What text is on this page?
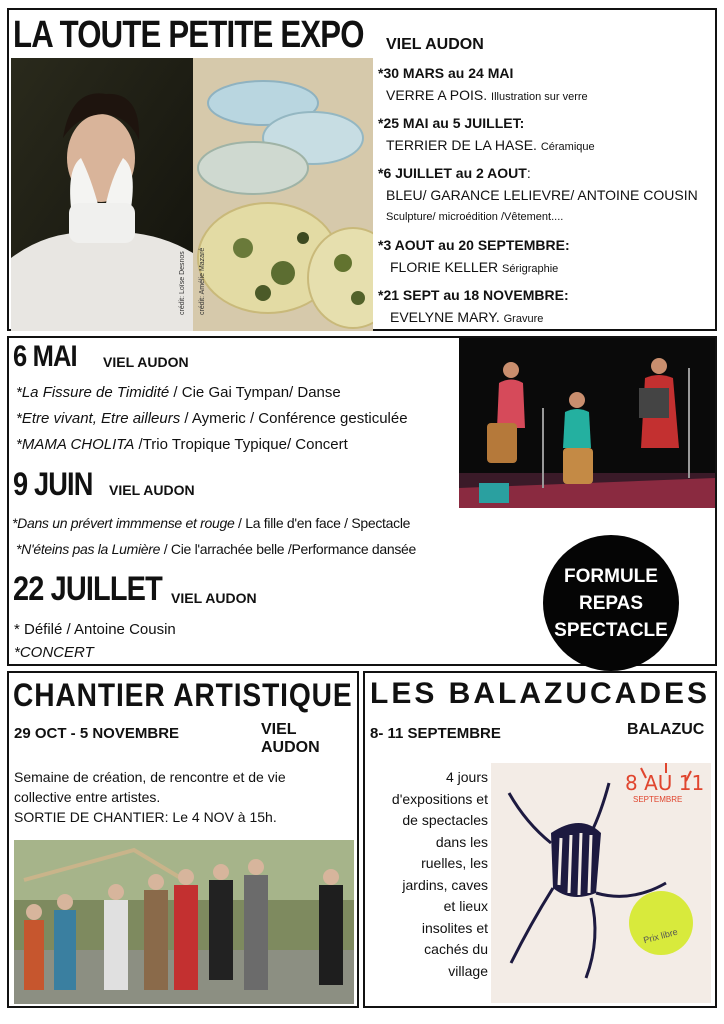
LA TOUTE PETITE EXPO	VIEL AUDON
crédit: Loïse Desnos crédit: Amélie Mazaré
*30 MARS au 24 MAI
VERRE A POIS. Illustration sur verre
*25 MAI au 5 JUILLET:
TERRIER DE LA HASE. Céramique
*6 JUILLET au 2 AOUT:
BLEU/ GARANCE LELIEVRE/ ANTOINE COUSIN
Sculpture/ microédition /Vêtement....
*3 AOUT au 20 SEPTEMBRE:
FLORIE KELLER Sérigraphie
*21 SEPT au 18 NOVEMBRE:
EVELYNE MARY. Gravure
6 MAI VIEL AUDON
*La Fissure de Timidité / Cie Gai Tympan/ Danse
*Etre vivant, Etre ailleurs / Aymeric / Conférence gesticulée
*MAMA CHOLITA /Trio Tropique Typique/ Concert
9 JUIN VIEL AUDON
*Dans un prévert immmense et rouge / La fille d'en face / Spectacle
*N'éteins pas la Lumière / Cie l'arrachée belle /Performance dansée
22 JUILLET VIEL AUDON
* Défilé / Antoine Cousin
*CONCERT
FORMULE
REPAS
SPECTACLE
CHANTIER ARTISTIQUE
29 OCT - 5 NOVEMBRE	VIEL AUDON
Semaine de création, de rencontre et de vie
collective entre artistes.
SORTIE DE CHANTIER: Le 4 NOV à 15h.
LES BALAZUCADES
8- 11 SEPTEMBRE	BALAZUC
4 jours
d'expositions et
de spectacles
dans les
ruelles, les
jardins, caves
et lieux
insolites et
cachés du
village
8 AU 11
SEPTEMBRE
Prix libre
